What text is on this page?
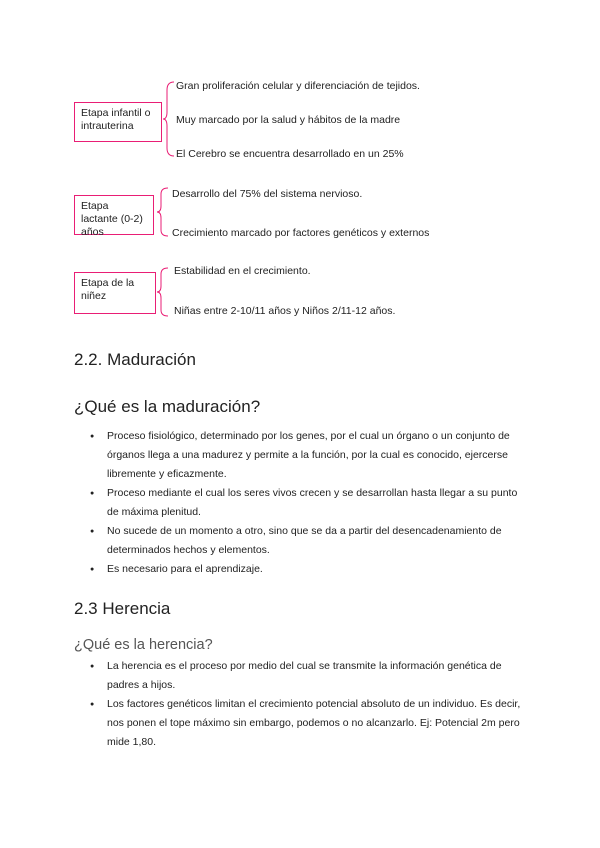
Etapa infantil o intrauterina
Gran proliferación celular y diferenciación de tejidos.
Muy marcado por la salud y hábitos de la madre
El Cerebro se encuentra desarrollado en un 25%
Etapa lactante (0-2) años
Desarrollo del 75% del sistema nervioso.
Crecimiento marcado por factores genéticos y externos
Etapa de la niñez
Estabilidad en el crecimiento.
Niñas entre 2-10/11 años y Niños 2/11-12 años.
2.2. Maduración
¿Qué es la maduración?
● Proceso fisiológico, determinado por los genes, por el cual un órgano o un conjunto de órganos llega a una madurez y permite a la función, por la cual es conocido, ejercerse libremente y eficazmente.
● Proceso mediante el cual los seres vivos crecen y se desarrollan hasta llegar a su punto de máxima plenitud.
● No sucede de un momento a otro, sino que se da a partir del desencadenamiento de determinados hechos y elementos.
● Es necesario para el aprendizaje.
2.3 Herencia
¿Qué es la herencia?
● La herencia es el proceso por medio del cual se transmite la información genética de padres a hijos.
● Los factores genéticos limitan el crecimiento potencial absoluto de un individuo. Es decir, nos ponen el tope máximo sin embargo, podemos o no alcanzarlo. Ej: Potencial 2m pero mide 1,80.
